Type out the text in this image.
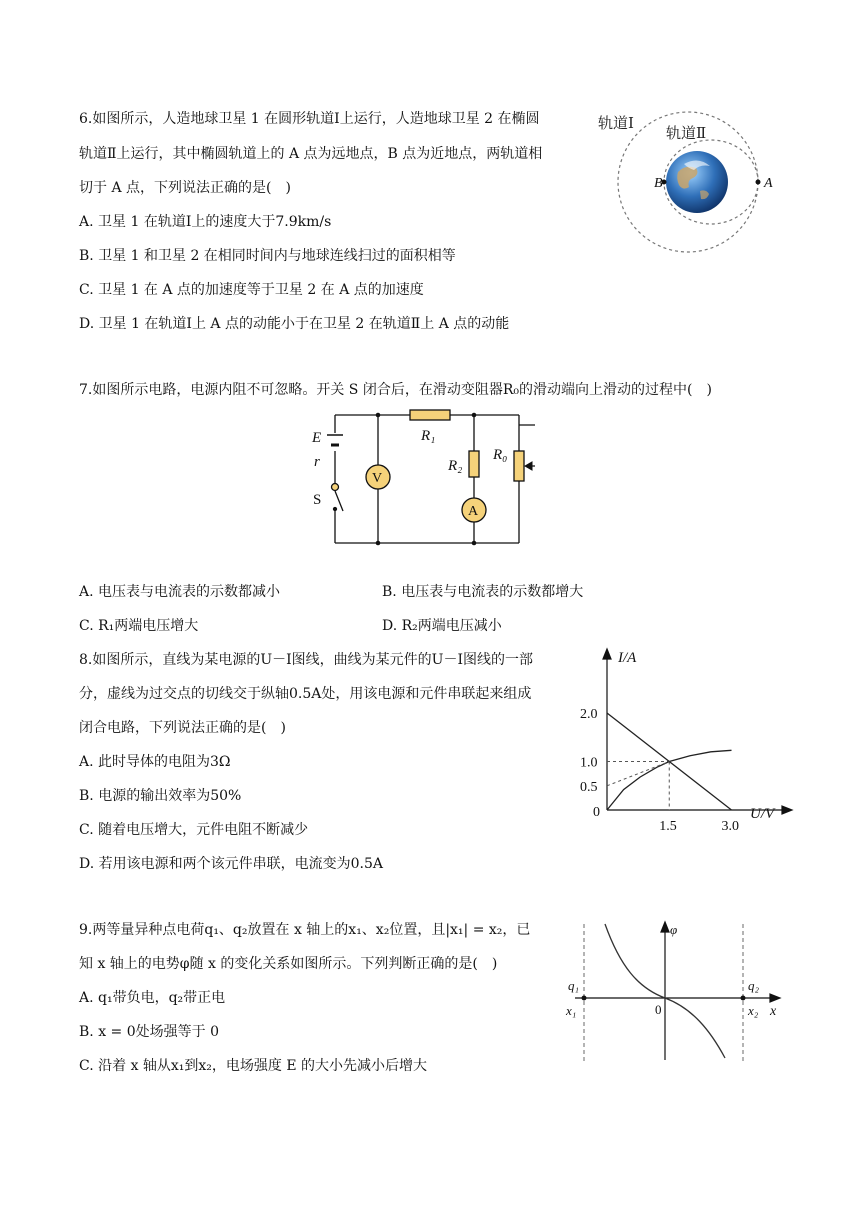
6.如图所示，人造地球卫星 1 在圆形轨道Ⅰ上运行，人造地球卫星 2 在椭圆
轨道Ⅱ上运行，其中椭圆轨道上的 A 点为远地点，B 点为近地点，两轨道相
切于 A 点，下列说法正确的是(　)
A. 卫星 1 在轨道Ⅰ上的速度大于7.9km/s
B. 卫星 1 和卫星 2 在相同时间内与地球连线扫过的面积相等
C. 卫星 1 在 A 点的加速度等于卫星 2 在 A 点的加速度
D. 卫星 1 在轨道Ⅰ上 A 点的动能小于在卫星 2 在轨道Ⅱ上 A 点的动能
轨道Ⅰ
轨道Ⅱ
B	A
7.如图所示电路，电源内阻不可忽略。开关 S 闭合后，在滑动变阻器R₀的滑动端向上滑动的过程中(　)
V
A
E
r
S
R₁
R₂
R₀
A. 电压表与电流表的示数都减小	B. 电压表与电流表的示数都增大
C. R₁两端电压增大	D. R₂两端电压减小
8.如图所示，直线为某电源的U－I图线，曲线为某元件的U－I图线的一部
分，虚线为过交点的切线交于纵轴0.5A处，用该电源和元件串联起来组成
闭合电路，下列说法正确的是(　)
A. 此时导体的电阻为3Ω
B. 电源的输出效率为50%
C. 随着电压增大，元件电阻不断减少
D. 若用该电源和两个该元件串联，电流变为0.5A
0.5
1.0
2.0
1.5	3.0
I/A
U/V
0
9.两等量异种点电荷q₁、q₂放置在 x 轴上的x₁、x₂位置，且|x₁| = x₂，已
知 x 轴上的电势φ随 x 的变化关系如图所示。下列判断正确的是(　)
A. q₁带负电，q₂带正电
B. x = 0处场强等于 0
C. 沿着 x 轴从x₁到x₂，电场强度 E 的大小先减小后增大
φ
x
0
q₁
x₁
q₂
x₂
